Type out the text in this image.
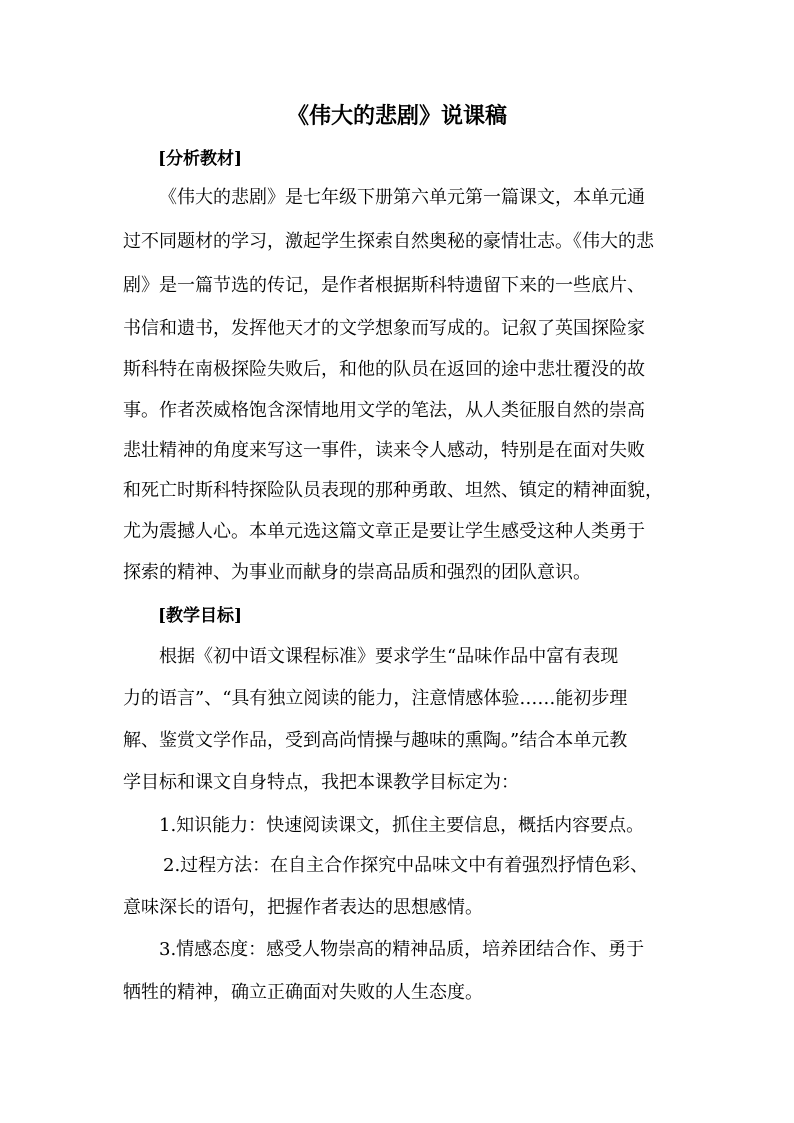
《伟大的悲剧》说课稿
[分析教材]
《伟大的悲剧》是七年级下册第六单元第一篇课文，本单元通
过不同题材的学习，激起学生探索自然奥秘的豪情壮志。《伟大的悲
剧》是一篇节选的传记，是作者根据斯科特遗留下来的一些底片、
书信和遗书，发挥他天才的文学想象而写成的。记叙了英国探险家
斯科特在南极探险失败后，和他的队员在返回的途中悲壮覆没的故
事。作者茨威格饱含深情地用文学的笔法，从人类征服自然的崇高
悲壮精神的角度来写这一事件，读来令人感动，特别是在面对失败
和死亡时斯科特探险队员表现的那种勇敢、坦然、镇定的精神面貌，
尤为震撼人心。本单元选这篇文章正是要让学生感受这种人类勇于
探索的精神、为事业而献身的崇高品质和强烈的团队意识。
[教学目标]
根据《初中语文课程标准》要求学生“品味作品中富有表现
力的语言”、“具有独立阅读的能力，注意情感体验……能初步理
解、鉴赏文学作品，受到高尚情操与趣味的熏陶。”结合本单元教
学目标和课文自身特点，我把本课教学目标定为：
1.知识能力：快速阅读课文，抓住主要信息，概括内容要点。
2.过程方法：在自主合作探究中品味文中有着强烈抒情色彩、
意味深长的语句，把握作者表达的思想感情。
3.情感态度：感受人物崇高的精神品质，培养团结合作、勇于
牺牲的精神，确立正确面对失败的人生态度。
